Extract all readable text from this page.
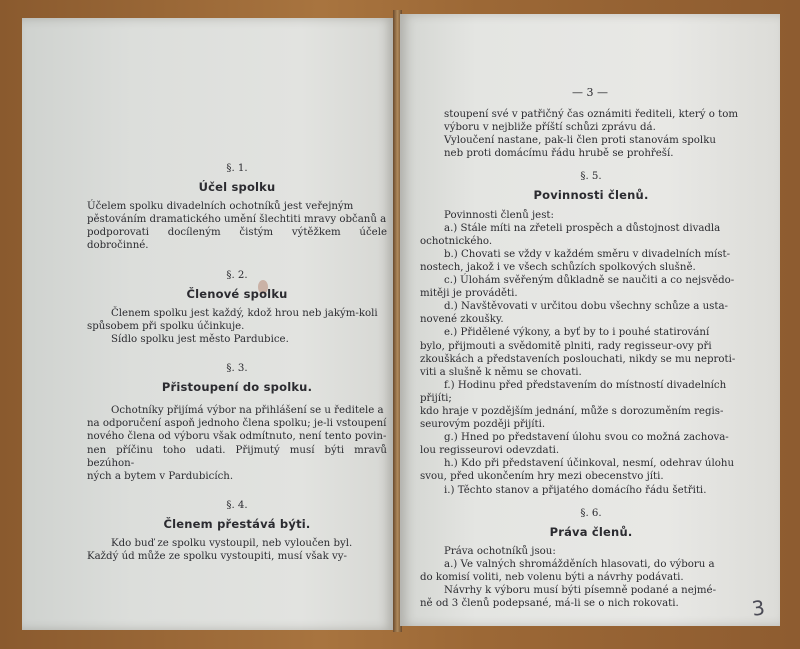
§. 1.

Účel spolku

Účelem spolku divadelních ochotníků jest veřejným

pěstováním dramatického umění šlechtiti mravy občanů a

podporovati docíleným čistým výtěžkem účele dobročinné.

§. 2.

Členové spolku

Členem spolku jest každý, kdož hrou neb jakým-koli

spůsobem při spolku účinkuje.

Sídlo spolku jest město Pardubice.

§. 3.

Přistoupení do spolku.

Ochotníky přijímá výbor na přihlášení se u ředitele a

na odporučení aspoň jednoho člena spolku; je-li vstoupení

nového člena od výboru však odmítnuto, není tento povin-

nen příčinu toho udati. Přijmutý musí býti mravů bezúhon-

ných a bytem v Pardubicích.

§. 4.

Členem přestává býti.

Kdo buď ze spolku vystoupil, neb vyloučen byl.

Každý úd může ze spolku vystoupiti, musí však vy-

— 3 —

stoupení své v patřičný čas oznámiti řediteli, který o tom

výboru v nejbliže příští schůzi zprávu dá.

Vyloučení nastane, pak-li člen proti stanovám spolku

neb proti domácímu řádu hrubě se prohřeší.

§. 5.

Povinnosti členů.

Povinnosti členů jest:

a.) Stále míti na zřeteli prospěch a důstojnost divadla

ochotnického.

b.) Chovati se vždy v každém směru v divadelních míst-

nostech, jakož i ve všech schůzích spolkových slušně.

c.) Úlohám svěřeným důkladně se naučiti a co nejsvědo-

mitěji je prováděti.

d.) Navštěvovati v určitou dobu všechny schůze a usta-

novené zkoušky.

e.) Přidělené výkony, a byť by to i pouhé statirování

bylo, přijmouti a svědomitě plniti, rady regisseur-ovy při

zkouškách a představeních poslouchati, nikdy se mu neproti-

viti a slušně k němu se chovati.

f.) Hodinu před představením do místností divadelních

přijíti;

kdo hraje v pozdějším jednání, může s dorozuměním regis-

seurovým později přijíti.

g.) Hned po představení úlohu svou co možná zachova-

lou regisseurovi odevzdati.

h.) Kdo při představení účinkoval, nesmí, odehrav úlohu

svou, před ukončením hry mezi obecenstvo jíti.

i.) Těchto stanov a přijatého domácího řádu šetřiti.

§. 6.

Práva členů.

Práva ochotníků jsou:

a.) Ve valných shromážděních hlasovati, do výboru a

do komisí voliti, neb volenu býti a návrhy podávati.

Návrhy k výboru musí býti písemně podané a nejmé-

ně od 3 členů podepsané, má-li se o nich rokovati.	3
